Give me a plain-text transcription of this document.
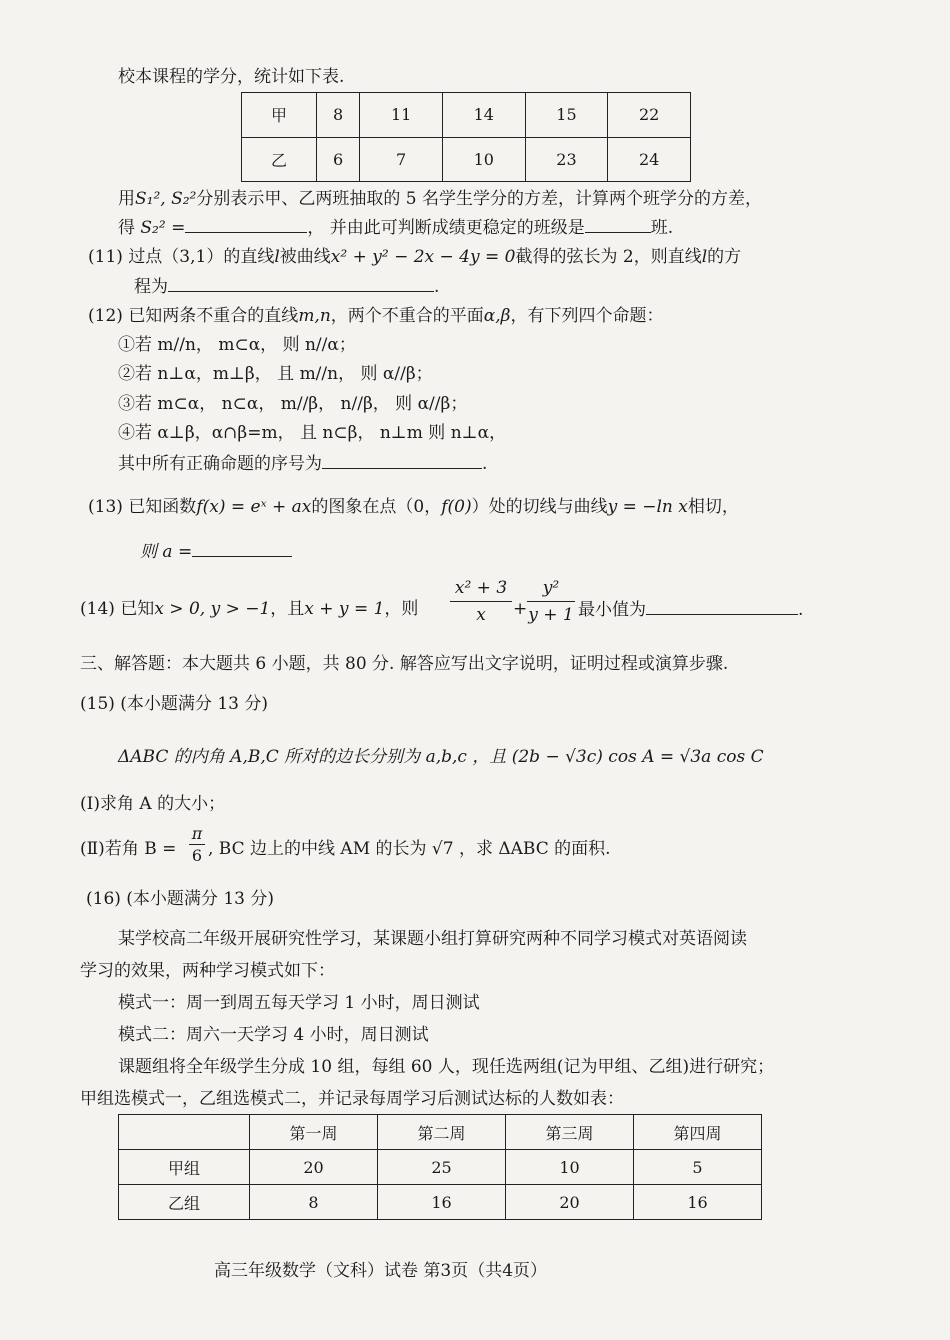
校本课程的学分，统计如下表.
甲	8	11	14	15	22
乙	6	7	10	23	24
用S₁², S₂²分别表示甲、乙两班抽取的 5 名学生学分的方差，计算两个班学分的方差，
得 S₂² =	， 并由此可判断成绩更稳定的班级是	班.
(11) 过点（3,1）的直线l被曲线x² + y² − 2x − 4y = 0截得的弦长为 2，则直线l的方
程为	.
(12) 已知两条不重合的直线m,n，两个不重合的平面α,β，有下列四个命题：
①若 m//n， m⊂α， 则 n//α；
②若 n⊥α，m⊥β， 且 m//n， 则 α//β；
③若 m⊂α， n⊂α， m//β， n//β， 则 α//β；
④若 α⊥β，α∩β=m， 且 n⊂β， n⊥m 则 n⊥α，
其中所有正确命题的序号为	.
(13) 已知函数f(x) = eˣ + ax的图象在点（0，f(0)）处的切线与曲线y = −ln x相切，
则 a =
(14) 已知x > 0, y > −1，且x + y = 1，则
x² + 3
x	+
y²
y + 1 最小值为	.
三、解答题：本大题共 6 小题，共 80 分. 解答应写出文字说明，证明过程或演算步骤.
(15) (本小题满分 13 分)
ΔABC 的内角 A,B,C 所对的边长分别为 a,b,c ，且 (2b − √3c) cos A = √3a cos C
(Ⅰ)求角 A 的大小；
(Ⅱ)若角 B =
π
6 , BC 边上的中线 AM 的长为 √7 ，求 ΔABC 的面积.
(16) (本小题满分 13 分)
某学校高二年级开展研究性学习，某课题小组打算研究两种不同学习模式对英语阅读
学习的效果，两种学习模式如下：
模式一：周一到周五每天学习 1 小时，周日测试
模式二：周六一天学习 4 小时，周日测试
课题组将全年级学生分成 10 组，每组 60 人，现任选两组(记为甲组、乙组)进行研究；
甲组选模式一，乙组选模式二，并记录每周学习后测试达标的人数如表：
	第一周	第二周	第三周	第四周
甲组	20	25	10	5
乙组	8	16	20	16
高三年级数学（文科）试卷 第3页（共4页）
